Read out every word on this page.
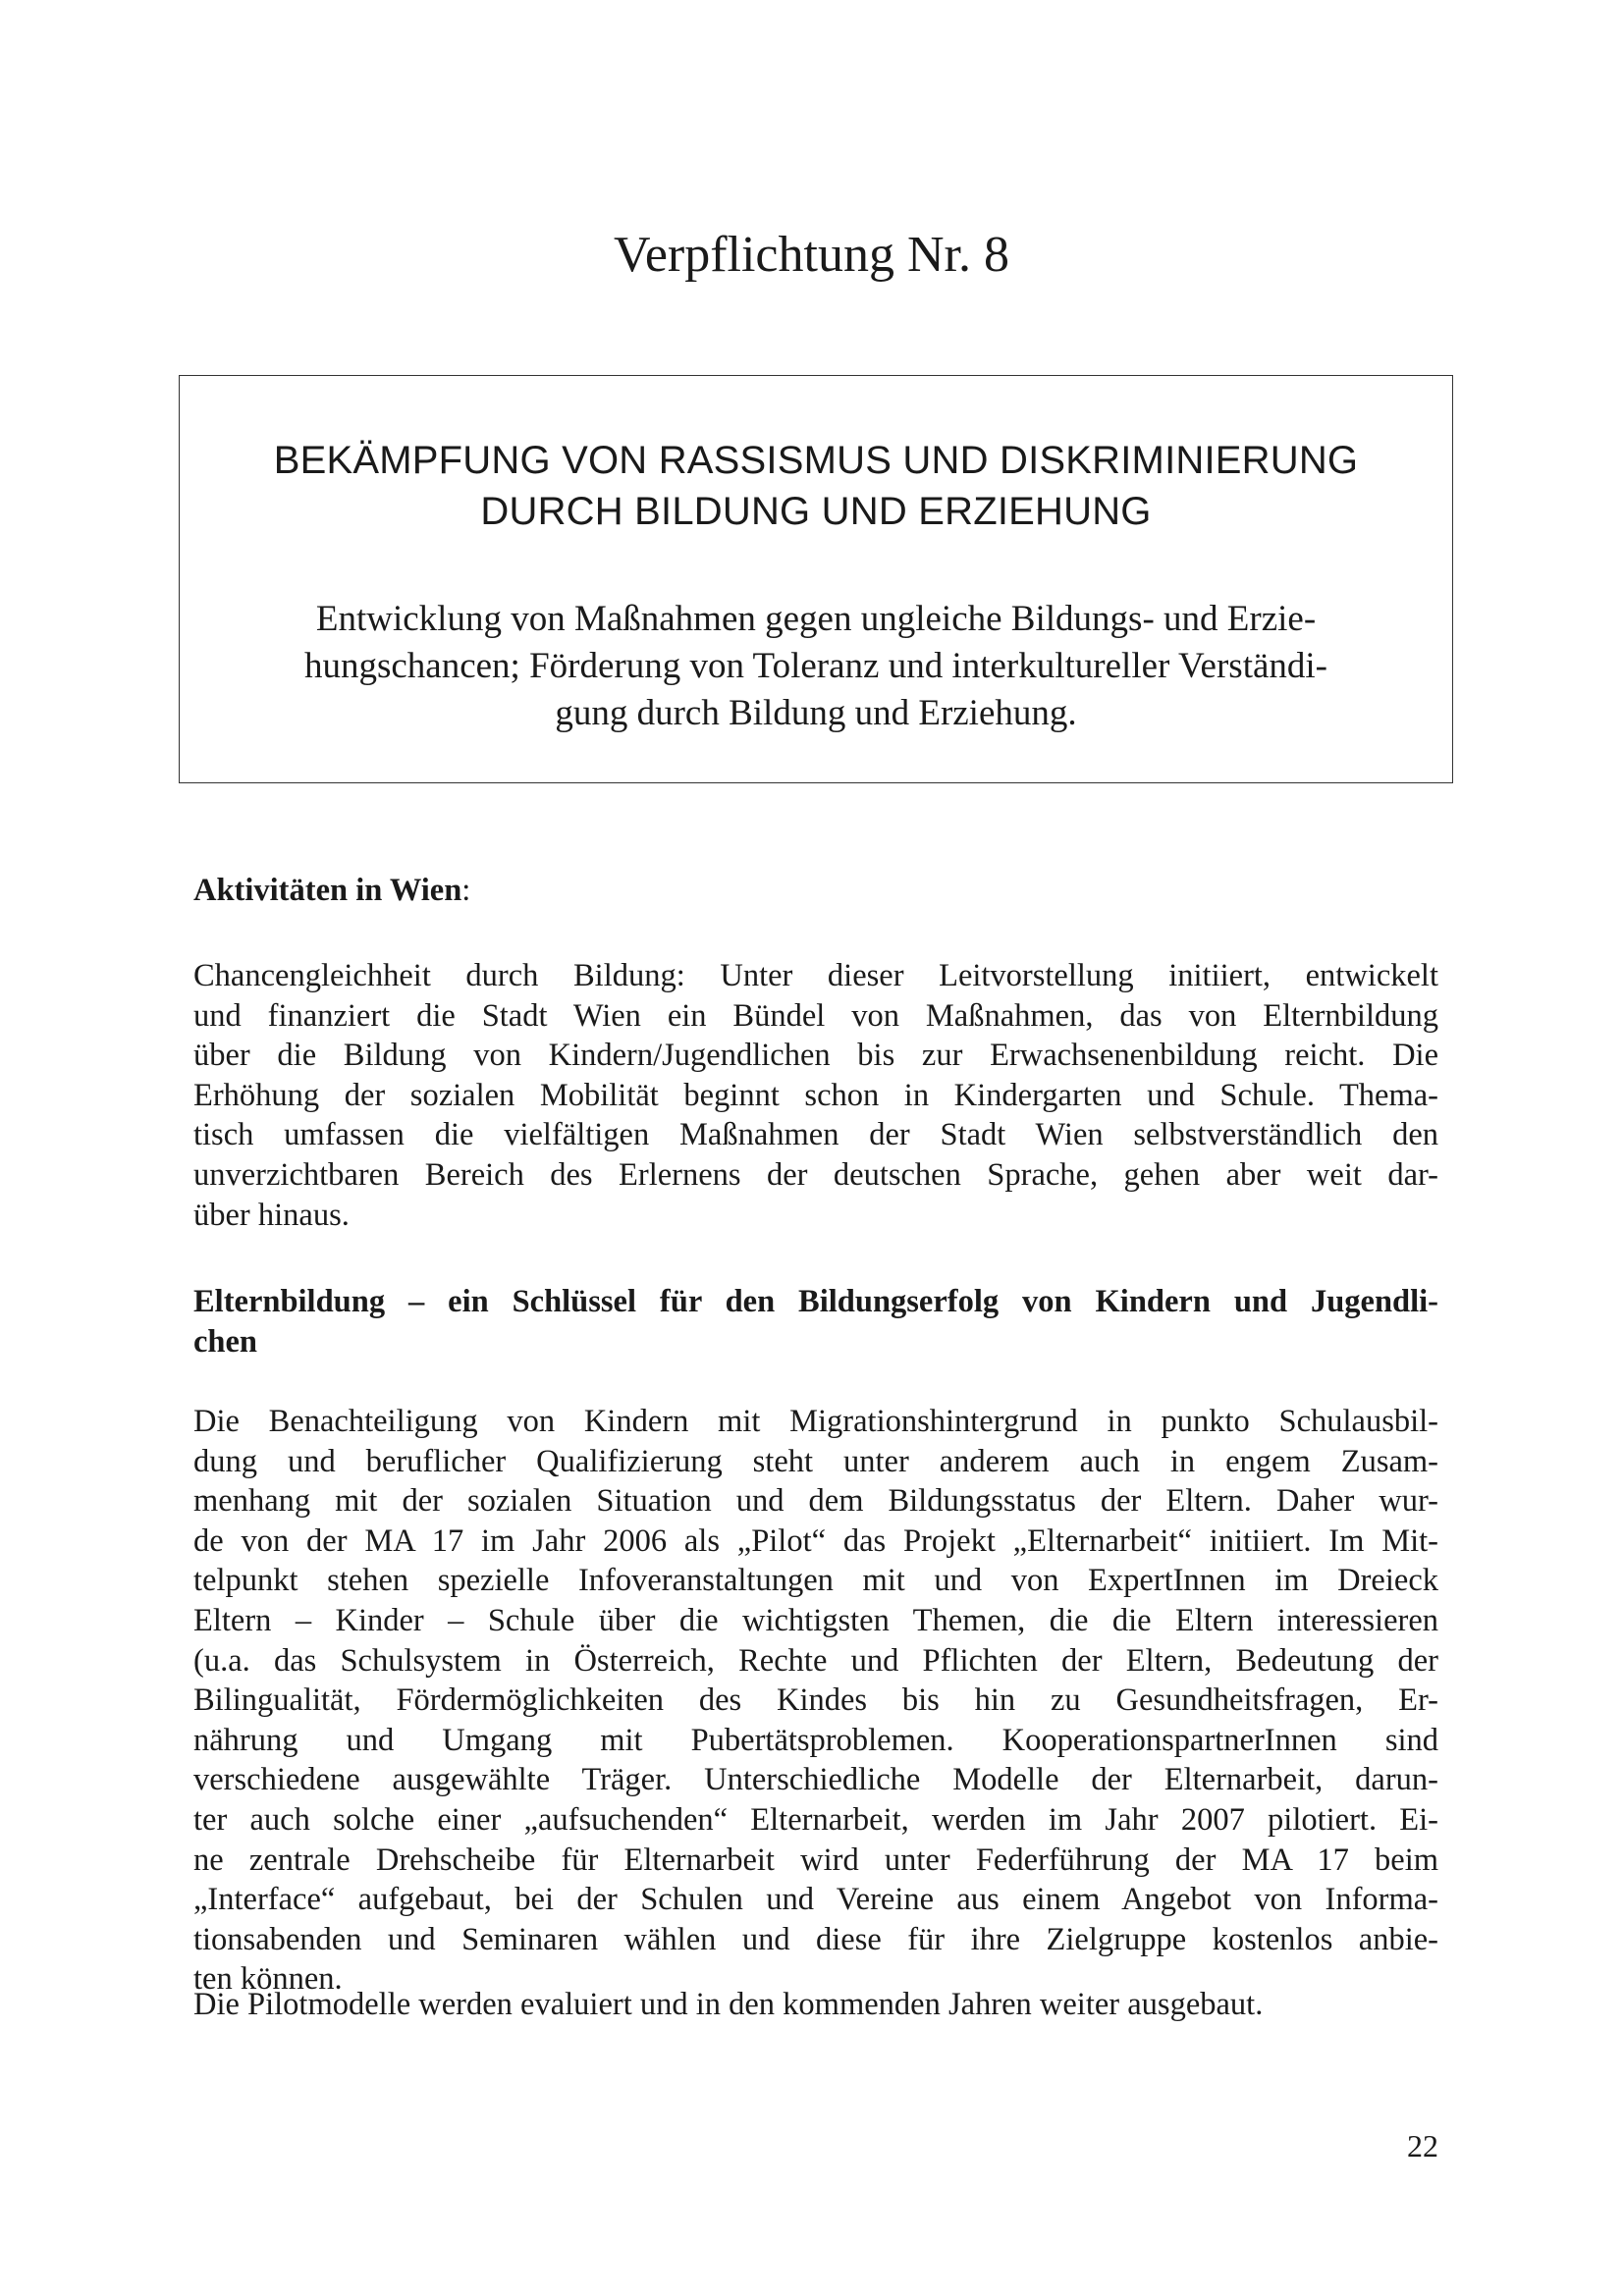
Verpflichtung Nr. 8
BEKÄMPFUNG VON RASSISMUS UND DISKRIMINIERUNG
DURCH BILDUNG UND ERZIEHUNG
Entwicklung von Maßnahmen gegen ungleiche Bildungs- und Erzie-
hungschancen; Förderung von Toleranz und interkultureller Verständi-
gung durch Bildung und Erziehung.
Aktivitäten in Wien:
Chancengleichheit durch Bildung: Unter dieser Leitvorstellung initiiert, entwickelt
und finanziert die Stadt Wien ein Bündel von Maßnahmen, das von Elternbildung
über die Bildung von Kindern/Jugendlichen bis zur Erwachsenenbildung reicht. Die
Erhöhung der sozialen Mobilität beginnt schon in Kindergarten und Schule. Thema-
tisch umfassen die vielfältigen Maßnahmen der Stadt Wien selbstverständlich den
unverzichtbaren Bereich des Erlernens der deutschen Sprache, gehen aber weit dar-
über hinaus.
Elternbildung – ein Schlüssel für den Bildungserfolg von Kindern und Jugendli-
chen
Die Benachteiligung von Kindern mit Migrationshintergrund in punkto Schulausbil-
dung und beruflicher Qualifizierung steht unter anderem auch in engem Zusam-
menhang mit der sozialen Situation und dem Bildungsstatus der Eltern. Daher wur-
de von der MA 17 im Jahr 2006 als „Pilot“ das Projekt „Elternarbeit“ initiiert. Im Mit-
telpunkt stehen spezielle Infoveranstaltungen mit und von ExpertInnen im Dreieck
Eltern – Kinder – Schule über die wichtigsten Themen, die die Eltern interessieren
(u.a. das Schulsystem in Österreich, Rechte und Pflichten der Eltern, Bedeutung der
Bilingualität, Fördermöglichkeiten des Kindes bis hin zu Gesundheitsfragen, Er-
nährung und Umgang mit Pubertätsproblemen. KooperationspartnerInnen sind
verschiedene ausgewählte Träger. Unterschiedliche Modelle der Elternarbeit, darun-
ter auch solche einer „aufsuchenden“ Elternarbeit, werden im Jahr 2007 pilotiert. Ei-
ne zentrale Drehscheibe für Elternarbeit wird unter Federführung der MA 17 beim
„Interface“ aufgebaut, bei der Schulen und Vereine aus einem Angebot von Informa-
tionsabenden und Seminaren wählen und diese für ihre Zielgruppe kostenlos anbie-
ten können.
Die Pilotmodelle werden evaluiert und in den kommenden Jahren weiter ausgebaut.
22
